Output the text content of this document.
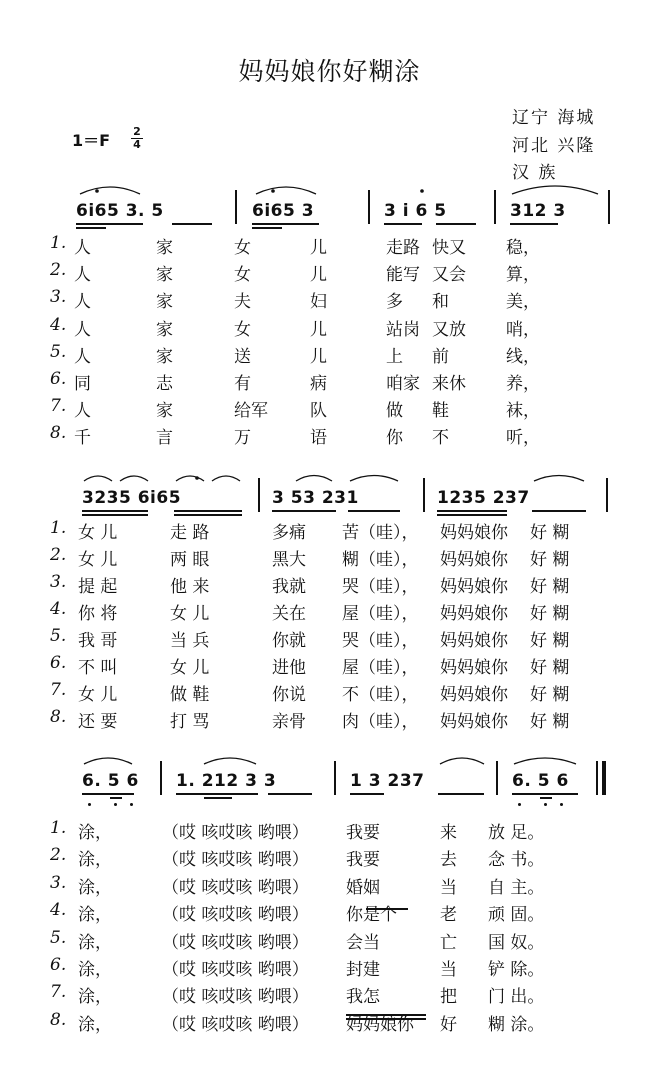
妈妈娘你好糊涂
辽宁 海城
河北 兴隆
汉 族
1＝F 2
4
6i65 3. 5	6i65 3	3 i 6 5	312 3
1. 人	家	女	儿	走路 快又 稳，
2. 人	家	女	儿	能写 又会 算，
3. 人	家	夫	妇	多 和	美，
4. 人	家	女	儿	站岗 又放 哨，
5. 人	家	送	儿	上 前	线，
6. 同	志	有	病	咱家 来休 养，
7. 人	家	给军 队	做 鞋	袜，
8. 千	言	万	语	你 不	听，
3235 6i65	3 53 231	1235 237
1. 女 儿	走 路	多痛 苦（哇）， 妈妈娘你 好 糊
2. 女 儿	两 眼	黑大 糊（哇）， 妈妈娘你 好 糊
3. 提 起	他 来	我就 哭（哇）， 妈妈娘你 好 糊
4. 你 将	女 儿	关在 屋（哇）， 妈妈娘你 好 糊
5. 我 哥	当 兵	你就 哭（哇）， 妈妈娘你 好 糊
6. 不 叫	女 儿	进他 屋（哇）， 妈妈娘你 好 糊
7. 女 儿	做 鞋	你说 不（哇）， 妈妈娘你 好 糊
8. 还 要	打 骂	亲骨 肉（哇）， 妈妈娘你 好 糊
6. 5 6 1. 212 3 3	1 3 237	6. 5 6
1. 涂，	（哎 咳哎咳 哟喂） 我要	来 放 足。
2. 涂，	（哎 咳哎咳 哟喂） 我要	去 念 书。
3. 涂，	（哎 咳哎咳 哟喂） 婚姻	当 自 主。
4. 涂，	（哎 咳哎咳 哟喂） 你是个	老 顽 固。
5. 涂，	（哎 咳哎咳 哟喂） 会当	亡 国 奴。
6. 涂，	（哎 咳哎咳 哟喂） 封建	当 铲 除。
7. 涂，	（哎 咳哎咳 哟喂） 我怎	把 门 出。
8. 涂，	（哎 咳哎咳 哟喂） 妈妈娘你 好 糊 涂。
